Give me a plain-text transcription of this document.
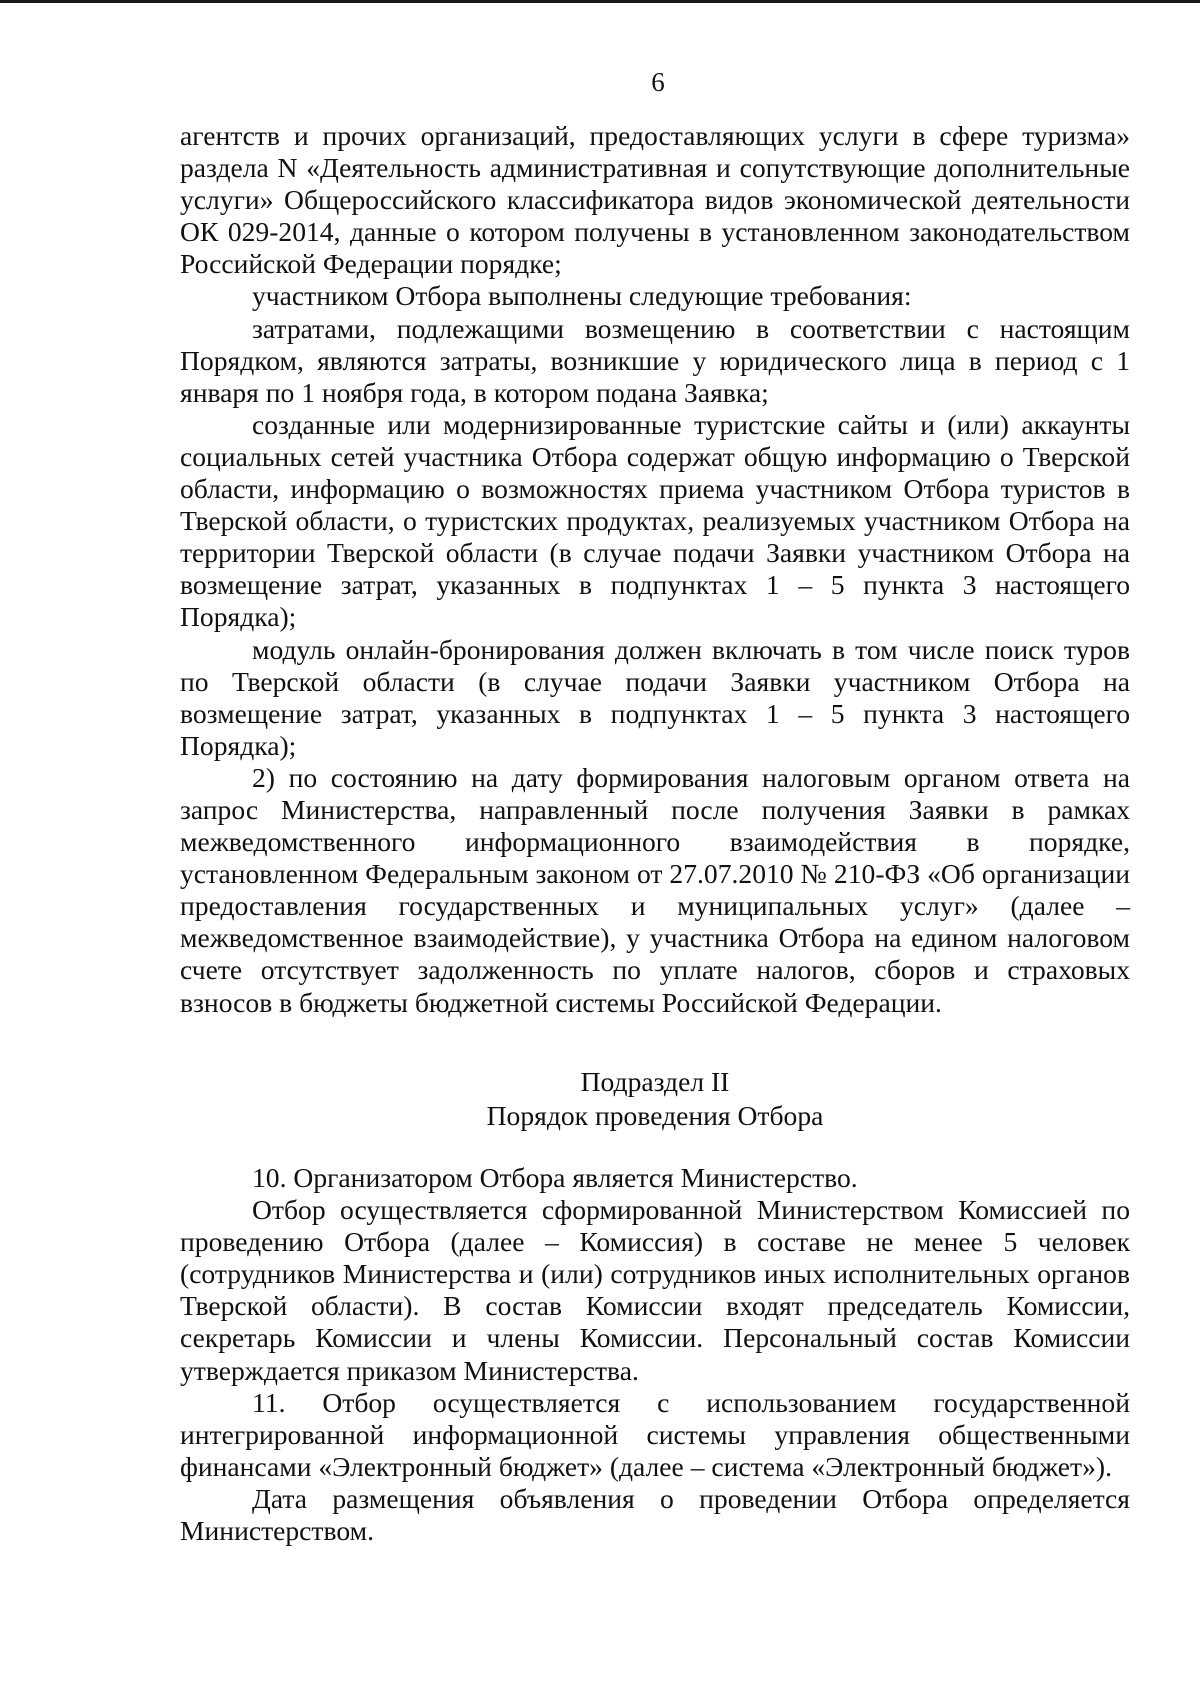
6

агентств и прочих организаций, предоставляющих услуги в сфере туризма» раздела N «Деятельность административная и сопутствующие дополнительные услуги» Общероссийского классификатора видов экономической деятельности ОК 029-2014, данные о котором получены в установленном законодательством Российской Федерации порядке;

участником Отбора выполнены следующие требования:

затратами, подлежащими возмещению в соответствии с настоящим Порядком, являются затраты, возникшие у юридического лица в период с 1 января по 1 ноября года, в котором подана Заявка;

созданные или модернизированные туристские сайты и (или) аккаунты социальных сетей участника Отбора содержат общую информацию о Тверской области, информацию о возможностях приема участником Отбора туристов в Тверской области, о туристских продуктах, реализуемых участником Отбора на территории Тверской области (в случае подачи Заявки участником Отбора на возмещение затрат, указанных в подпунктах 1 – 5 пункта 3 настоящего Порядка);

модуль онлайн-бронирования должен включать в том числе поиск туров по Тверской области (в случае подачи Заявки участником Отбора на возмещение затрат, указанных в подпунктах 1 – 5 пункта 3 настоящего Порядка);

2) по состоянию на дату формирования налоговым органом ответа на запрос Министерства, направленный после получения Заявки в рамках межведомственного информационного взаимодействия в порядке, установленном Федеральным законом от 27.07.2010 № 210-ФЗ «Об организации предоставления государственных и муниципальных услуг» (далее – межведомственное взаимодействие), у участника Отбора на едином налоговом счете отсутствует задолженность по уплате налогов, сборов и страховых взносов в бюджеты бюджетной системы Российской Федерации.

Подраздел II
Порядок проведения Отбора

10. Организатором Отбора является Министерство.

Отбор осуществляется сформированной Министерством Комиссией по проведению Отбора (далее – Комиссия) в составе не менее 5 человек (сотрудников Министерства и (или) сотрудников иных исполнительных органов Тверской области). В состав Комиссии входят председатель Комиссии, секретарь Комиссии и члены Комиссии. Персональный состав Комиссии утверждается приказом Министерства.

11. Отбор осуществляется с использованием государственной интегрированной информационной системы управления общественными финансами «Электронный бюджет» (далее – система «Электронный бюджет»).

Дата размещения объявления о проведении Отбора определяется Министерством.
